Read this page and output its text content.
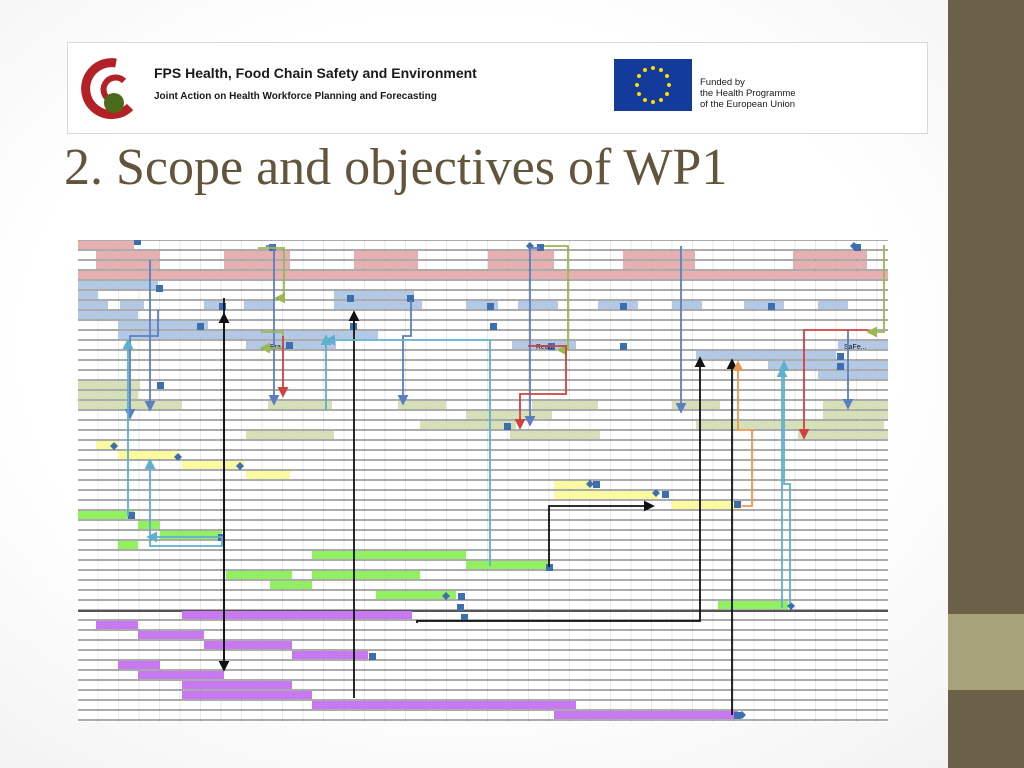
FPS Health, Food Chain Safety and Environment
Joint Action on Health Workforce Planning and Forecasting
Funded by
the Health Programme
of the European Union
2. Scope and objectives of WP1
Bra...	Rea...	SaFe...
